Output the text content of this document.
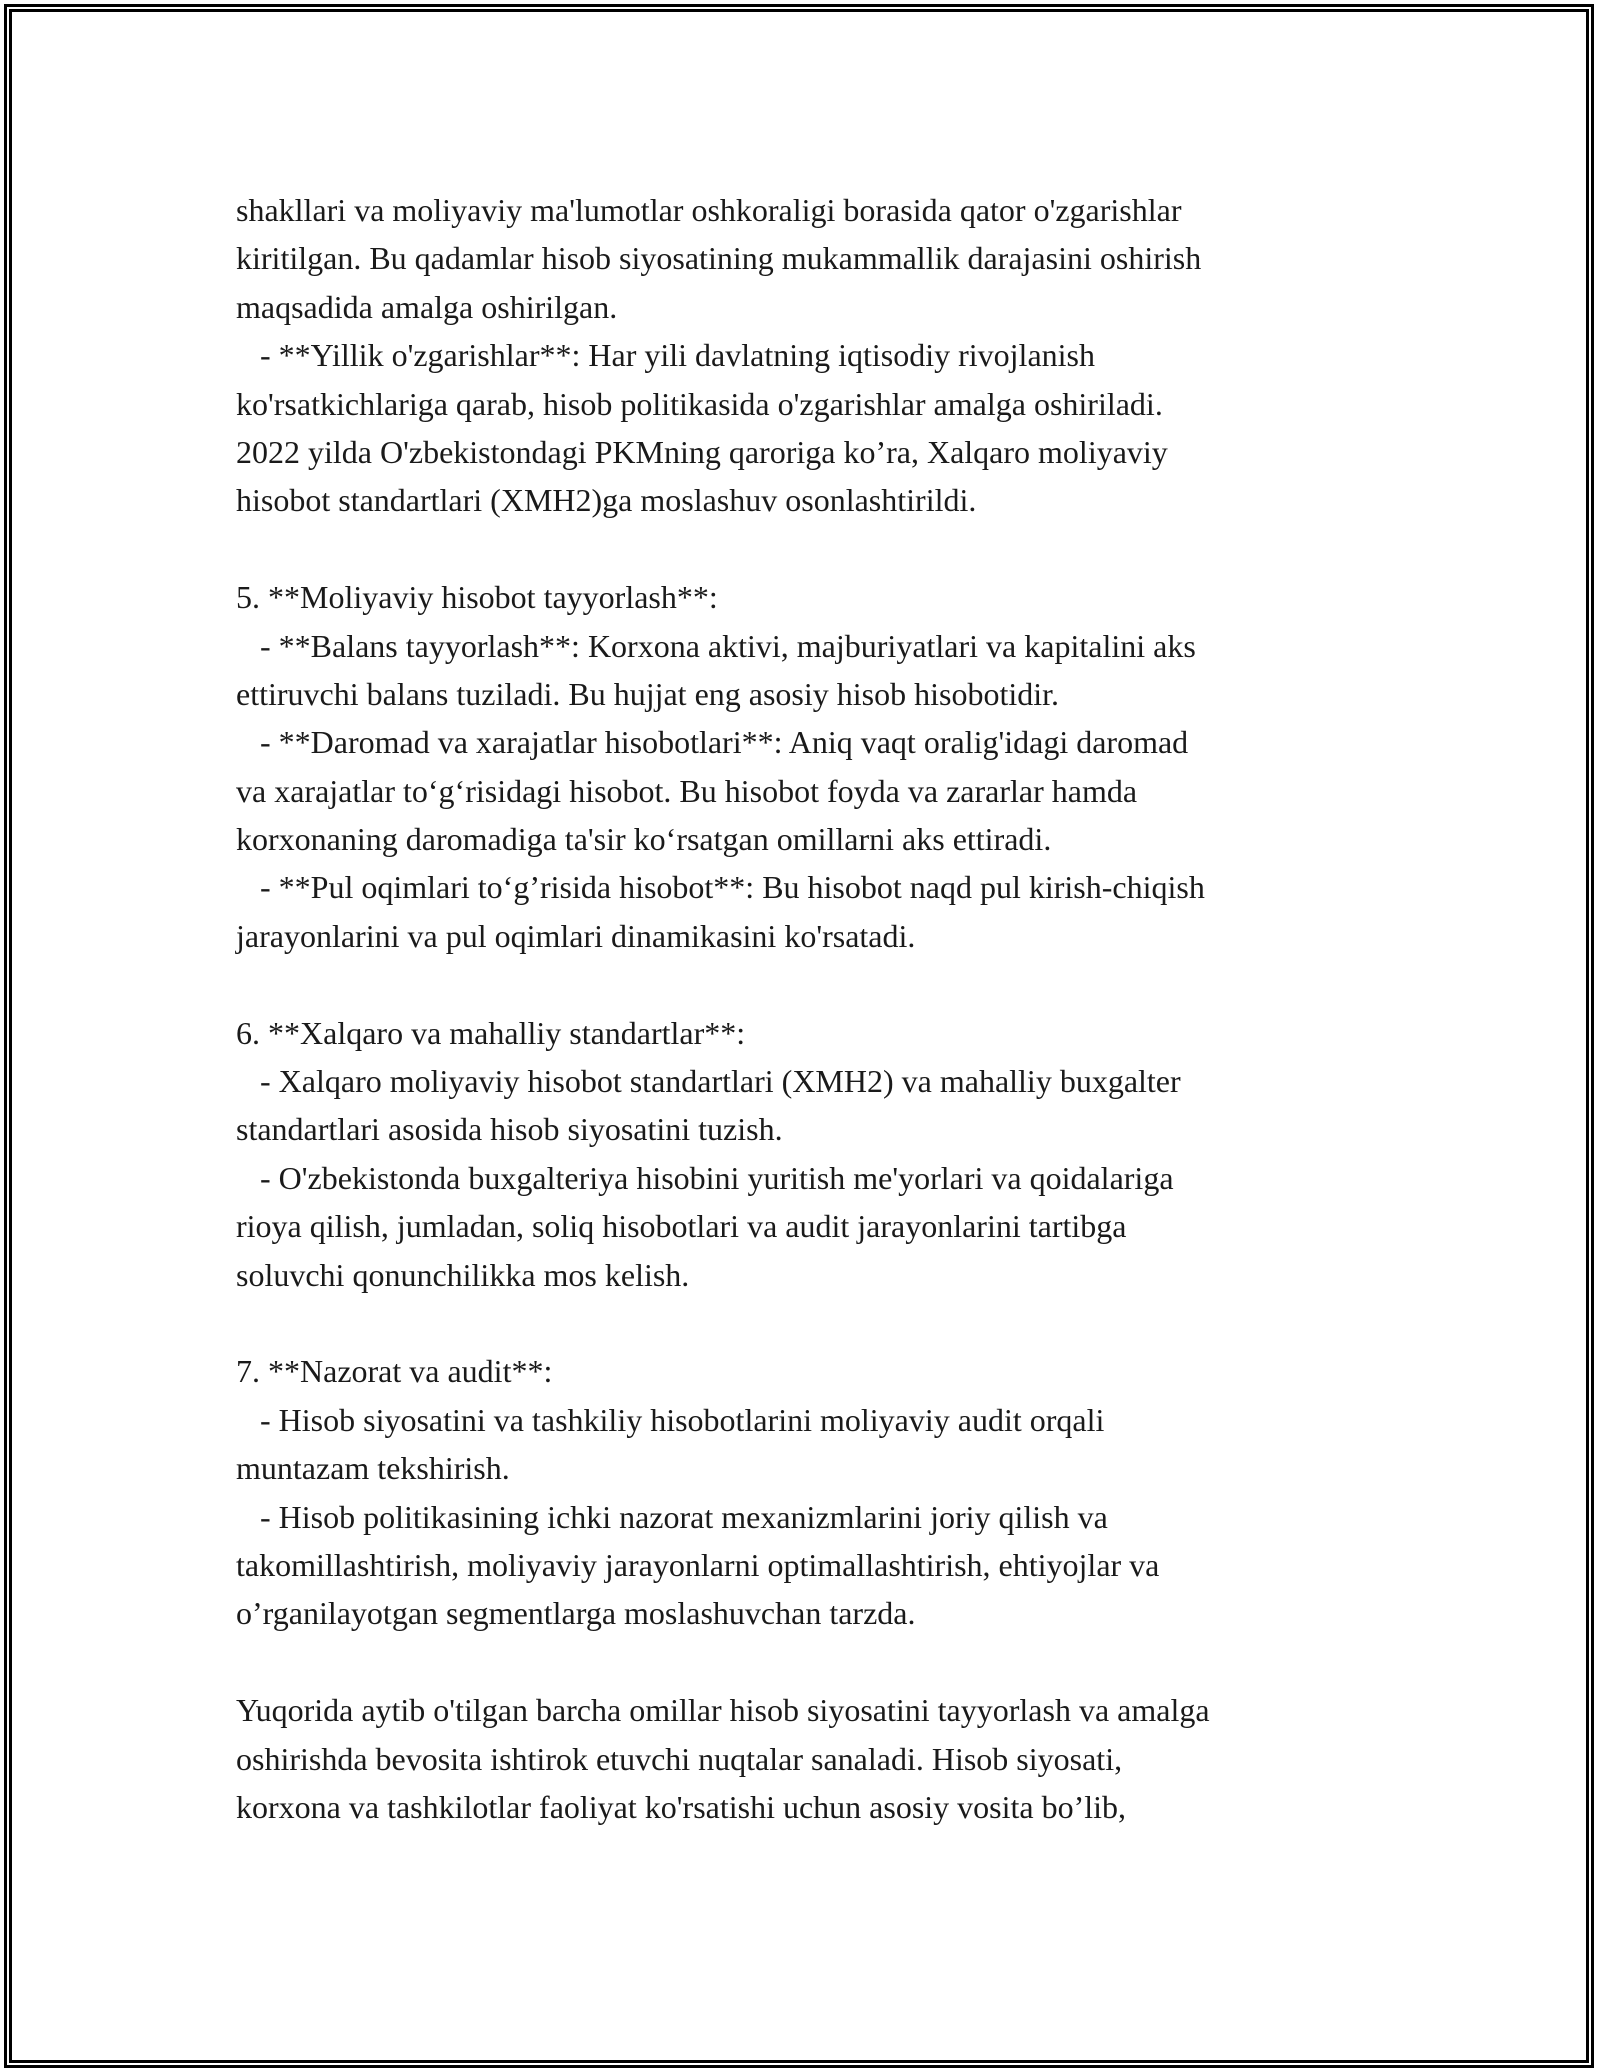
shakllari va moliyaviy ma'lumotlar oshkoraligi borasida qator o'zgarishlar
kiritilgan. Bu qadamlar hisob siyosatining mukammallik darajasini oshirish
maqsadida amalga oshirilgan.
- **Yillik o'zgarishlar**: Har yili davlatning iqtisodiy rivojlanish
ko'rsatkichlariga qarab, hisob politikasida o'zgarishlar amalga oshiriladi.
2022 yilda O'zbekistondagi PKMning qaroriga ko’ra, Xalqaro moliyaviy
hisobot standartlari (XMH2)ga moslashuv osonlashtirildi.
5. **Moliyaviy hisobot tayyorlash**:
- **Balans tayyorlash**: Korxona aktivi, majburiyatlari va kapitalini aks
ettiruvchi balans tuziladi. Bu hujjat eng asosiy hisob hisobotidir.
- **Daromad va xarajatlar hisobotlari**: Aniq vaqt oralig'idagi daromad
va xarajatlar to‘g‘risidagi hisobot. Bu hisobot foyda va zararlar hamda
korxonaning daromadiga ta'sir ko‘rsatgan omillarni aks ettiradi.
- **Pul oqimlari to‘g’risida hisobot**: Bu hisobot naqd pul kirish-chiqish
jarayonlarini va pul oqimlari dinamikasini ko'rsatadi.
6. **Xalqaro va mahalliy standartlar**:
- Xalqaro moliyaviy hisobot standartlari (XMH2) va mahalliy buxgalter
standartlari asosida hisob siyosatini tuzish.
- O'zbekistonda buxgalteriya hisobini yuritish me'yorlari va qoidalariga
rioya qilish, jumladan, soliq hisobotlari va audit jarayonlarini tartibga
soluvchi qonunchilikka mos kelish.
7. **Nazorat va audit**:
- Hisob siyosatini va tashkiliy hisobotlarini moliyaviy audit orqali
muntazam tekshirish.
- Hisob politikasining ichki nazorat mexanizmlarini joriy qilish va
takomillashtirish, moliyaviy jarayonlarni optimallashtirish, ehtiyojlar va
o’rganilayotgan segmentlarga moslashuvchan tarzda.
Yuqorida aytib o'tilgan barcha omillar hisob siyosatini tayyorlash va amalga
oshirishda bevosita ishtirok etuvchi nuqtalar sanaladi. Hisob siyosati,
korxona va tashkilotlar faoliyat ko'rsatishi uchun asosiy vosita bo’lib,
